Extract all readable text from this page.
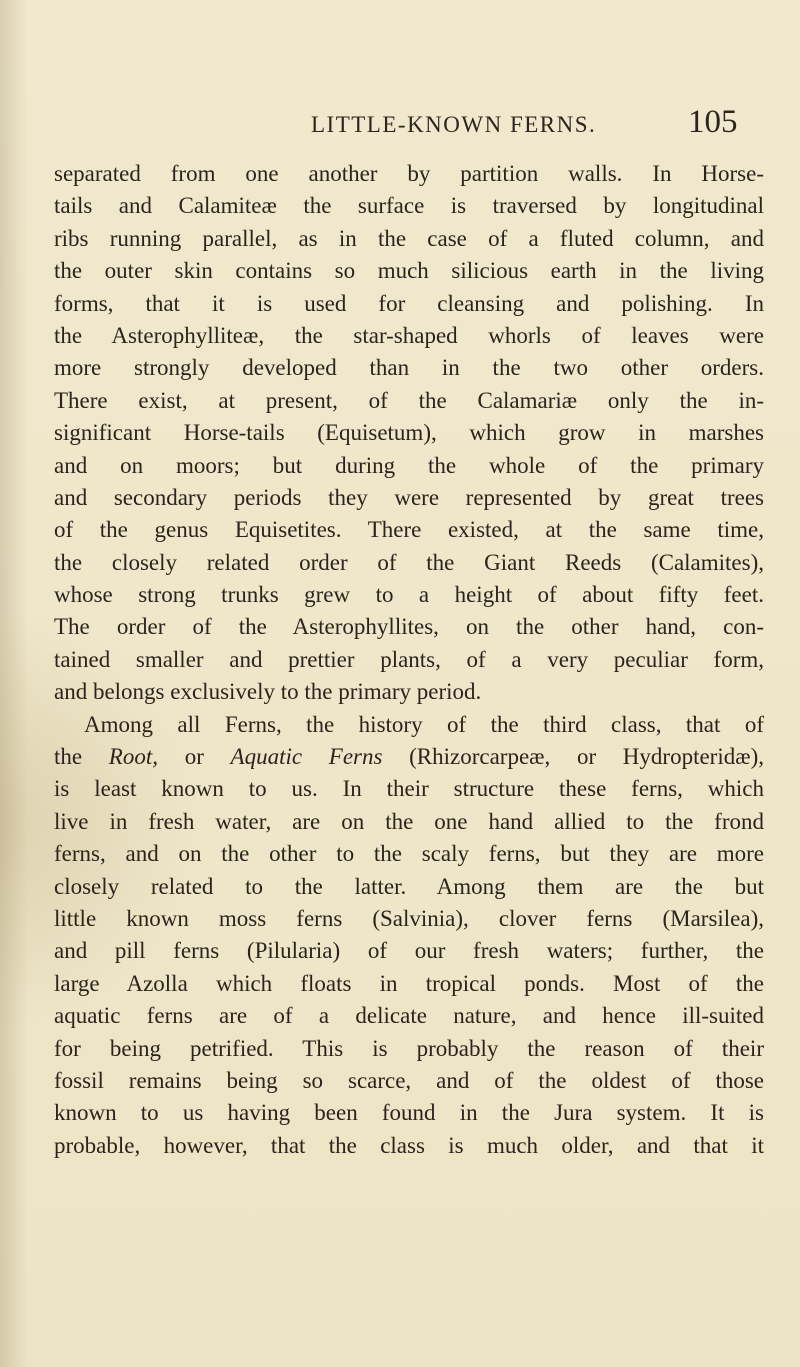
LITTLE-KNOWN FERNS.	105
separated from one another by partition walls. In Horse-
tails and Calamiteæ the surface is traversed by longitudinal
ribs running parallel, as in the case of a fluted column, and
the outer skin contains so much silicious earth in the living
forms, that it is used for cleansing and polishing. In
the Asterophylliteæ, the star-shaped whorls of leaves were
more strongly developed than in the two other orders.
There exist, at present, of the Calamariæ only the in-
significant Horse-tails (Equisetum), which grow in marshes
and on moors; but during the whole of the primary
and secondary periods they were represented by great trees
of the genus Equisetites. There existed, at the same time,
the closely related order of the Giant Reeds (Calamites),
whose strong trunks grew to a height of about fifty feet.
The order of the Asterophyllites, on the other hand, con-
tained smaller and prettier plants, of a very peculiar form,
and belongs exclusively to the primary period.
Among all Ferns, the history of the third class, that of
the Root, or Aquatic Ferns (Rhizorcarpeæ, or Hydropteridæ),
is least known to us. In their structure these ferns, which
live in fresh water, are on the one hand allied to the frond
ferns, and on the other to the scaly ferns, but they are more
closely related to the latter. Among them are the but
little known moss ferns (Salvinia), clover ferns (Marsilea),
and pill ferns (Pilularia) of our fresh waters; further, the
large Azolla which floats in tropical ponds. Most of the
aquatic ferns are of a delicate nature, and hence ill-suited
for being petrified. This is probably the reason of their
fossil remains being so scarce, and of the oldest of those
known to us having been found in the Jura system. It is
probable, however, that the class is much older, and that it
